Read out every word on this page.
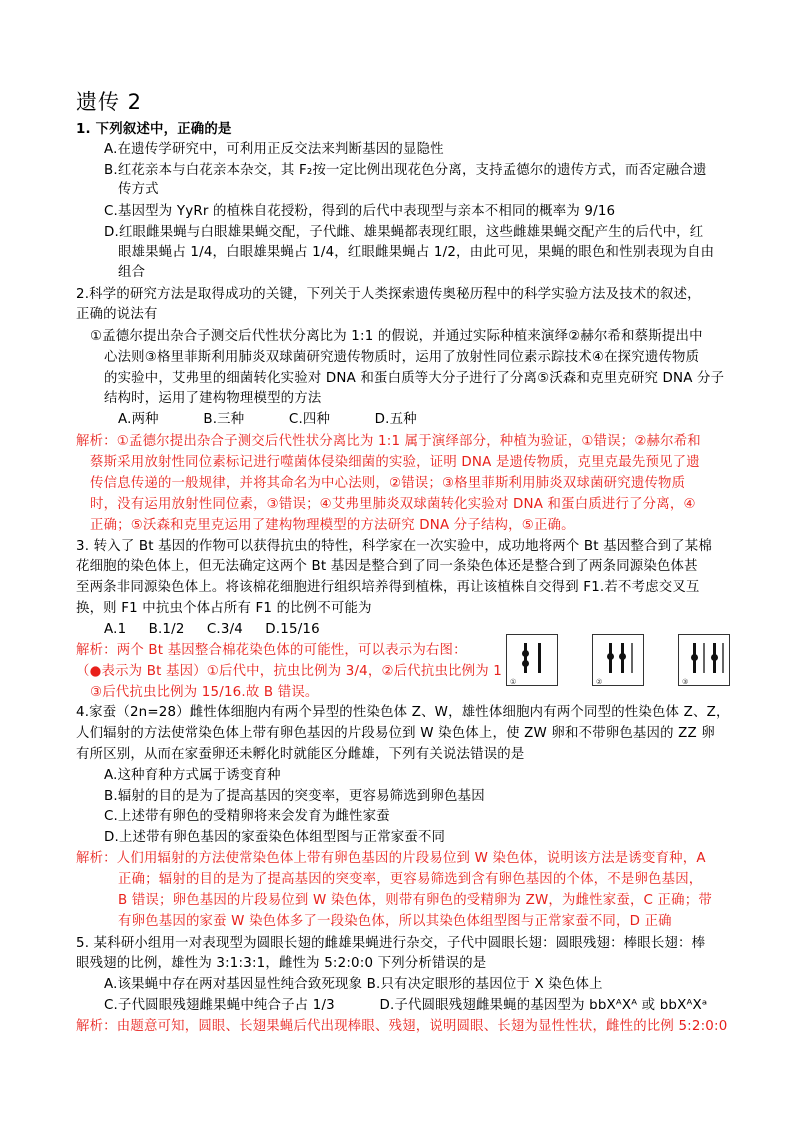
遗传 2
1. 下列叙述中，正确的是
A.在遗传学研究中，可利用正反交法来判断基因的显隐性
B.红花亲本与白花亲本杂交，其 F₂按一定比例出现花色分离，支持孟德尔的遗传方式，而否定融合遗
传方式
C.基因型为 YyRr 的植株自花授粉，得到的后代中表现型与亲本不相同的概率为 9/16
D.红眼雌果蝇与白眼雄果蝇交配，子代雌、雄果蝇都表现红眼，这些雌雄果蝇交配产生的后代中，红
眼雄果蝇占 1/4，白眼雄果蝇占 1/4，红眼雌果蝇占 1/2，由此可见，果蝇的眼色和性别表现为自由
组合
2.科学的研究方法是取得成功的关键，下列关于人类探索遗传奥秘历程中的科学实验方法及技术的叙述，
正确的说法有
①孟德尔提出杂合子测交后代性状分离比为 1:1 的假说，并通过实际种植来演绎②赫尔希和蔡斯提出中
心法则③格里菲斯利用肺炎双球菌研究遗传物质时，运用了放射性同位素示踪技术④在探究遗传物质
的实验中，艾弗里的细菌转化实验对 DNA 和蛋白质等大分子进行了分离⑤沃森和克里克研究 DNA 分子
结构时，运用了建构物理模型的方法
A.两种          B.三种          C.四种          D.五种
解析：①孟德尔提出杂合子测交后代性状分离比为 1:1 属于演绎部分，种植为验证，①错误；②赫尔希和
蔡斯采用放射性同位素标记进行噬菌体侵染细菌的实验，证明 DNA 是遗传物质，克里克最先预见了遗
传信息传递的一般规律，并将其命名为中心法则，②错误；③格里菲斯利用肺炎双球菌研究遗传物质
时，没有运用放射性同位素，③错误；④艾弗里肺炎双球菌转化实验对 DNA 和蛋白质进行了分离，④
正确；⑤沃森和克里克运用了建构物理模型的方法研究 DNA 分子结构，⑤正确。
3. 转入了 Bt 基因的作物可以获得抗虫的特性，科学家在一次实验中，成功地将两个 Bt 基因整合到了某棉
花细胞的染色体上，但无法确定这两个 Bt 基因是整合到了同一条染色体还是整合到了两条同源染色体甚
至两条非同源染色体上。将该棉花细胞进行组织培养得到植株，再让该植株自交得到 F1.若不考虑交叉互
换，则 F1 中抗虫个体占所有 F1 的比例不可能为
A.1     B.1/2     C.3/4     D.15/16
解析：两个 Bt 基因整合棉花染色体的可能性，可以表示为右图：
（●表示为 Bt 基因）①后代中，抗虫比例为 3/4，②后代抗虫比例为 1
③后代抗虫比例为 15/16.故 B 错误。
①	②	③
4.家蚕（2n=28）雌性体细胞内有两个异型的性染色体 Z、W，雄性体细胞内有两个同型的性染色体 Z、Z，
人们辐射的方法使常染色体上带有卵色基因的片段易位到 W 染色体上，使 ZW 卵和不带卵色基因的 ZZ 卵
有所区别，从而在家蚕卵还未孵化时就能区分雌雄，下列有关说法错误的是
A.这种育种方式属于诱变育种
B.辐射的目的是为了提高基因的突变率，更容易筛选到卵色基因
C.上述带有卵色的受精卵将来会发育为雌性家蚕
D.上述带有卵色基因的家蚕染色体组型图与正常家蚕不同
解析：人们用辐射的方法使常染色体上带有卵色基因的片段易位到 W 染色体，说明该方法是诱变育种，A
正确；辐射的目的是为了提高基因的突变率，更容易筛选到含有卵色基因的个体，不是卵色基因，
B 错误；卵色基因的片段易位到 W 染色体，则带有卵色的受精卵为 ZW，为雌性家蚕，C 正确；带
有卵色基因的家蚕 W 染色体多了一段染色体，所以其染色体组型图与正常家蚕不同，D 正确
5. 某科研小组用一对表现型为圆眼长翅的雌雄果蝇进行杂交，子代中圆眼长翅：圆眼残翅：棒眼长翅：棒
眼残翅的比例，雄性为 3:1:3:1，雌性为 5:2:0:0 下列分析错误的是
A.该果蝇中存在两对基因显性纯合致死现象 B.只有决定眼形的基因位于 X 染色体上
C.子代圆眼残翅雌果蝇中纯合子占 1/3          D.子代圆眼残翅雌果蝇的基因型为 bbXᴬXᴬ 或 bbXᴬXᵃ
解析：由题意可知，圆眼、长翅果蝇后代出现棒眼、残翅，说明圆眼、长翅为显性性状，雌性的比例 5:2:0:0
